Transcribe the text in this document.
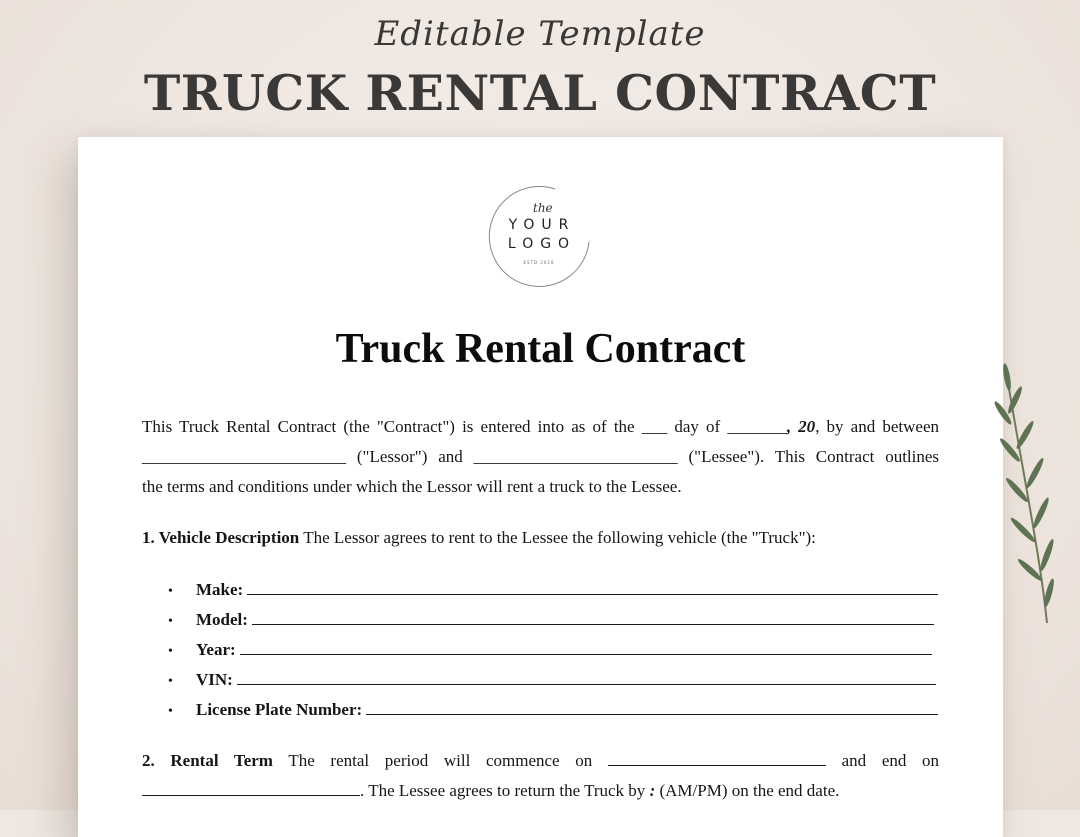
Editable Template
TRUCK RENTAL CONTRACT
the
YOUR
LOGO
ESTD 2016
Truck Rental Contract
This Truck Rental Contract (the "Contract") is entered into as of the ___ day of _______, 20, by and between
________________________ ("Lessor") and ________________________ ("Lessee"). This Contract outlines
the terms and conditions under which the Lessor will rent a truck to the Lessee.
1. Vehicle Description The Lessor agrees to rent to the Lessee the following vehicle (the "Truck"):
•	Make:
•	Model:
•	Year:
•	VIN:
•	License Plate Number:
2. Rental Term The rental period will commence on	and end on
. The Lessee agrees to return the Truck by : (AM/PM) on the end date.
